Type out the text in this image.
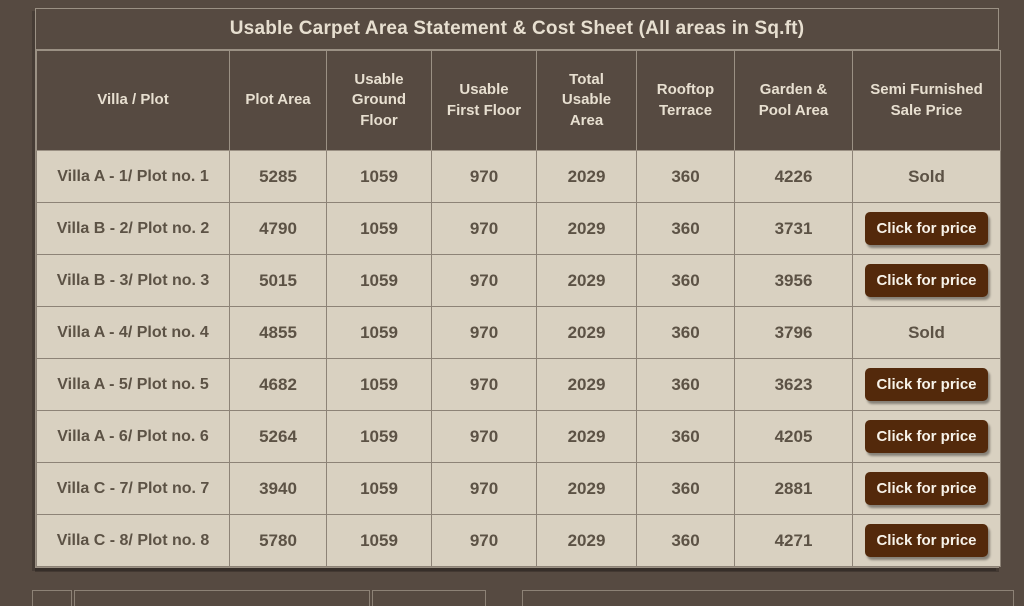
Usable Carpet Area Statement & Cost Sheet (All areas in Sq.ft)
Villa / Plot	Plot Area	Usable Ground Floor	Usable First Floor	Total Usable Area	Rooftop Terrace	Garden & Pool Area	Semi Furnished Sale Price
Villa A - 1/ Plot no. 1	5285	1059	970	2029	360	4226	Sold
Villa B - 2/ Plot no. 2	4790	1059	970	2029	360	3731	Click for price
Villa B - 3/ Plot no. 3	5015	1059	970	2029	360	3956	Click for price
Villa A - 4/ Plot no. 4	4855	1059	970	2029	360	3796	Sold
Villa A - 5/ Plot no. 5	4682	1059	970	2029	360	3623	Click for price
Villa A - 6/ Plot no. 6	5264	1059	970	2029	360	4205	Click for price
Villa C - 7/ Plot no. 7	3940	1059	970	2029	360	2881	Click for price
Villa C - 8/ Plot no. 8	5780	1059	970	2029	360	4271	Click for price
